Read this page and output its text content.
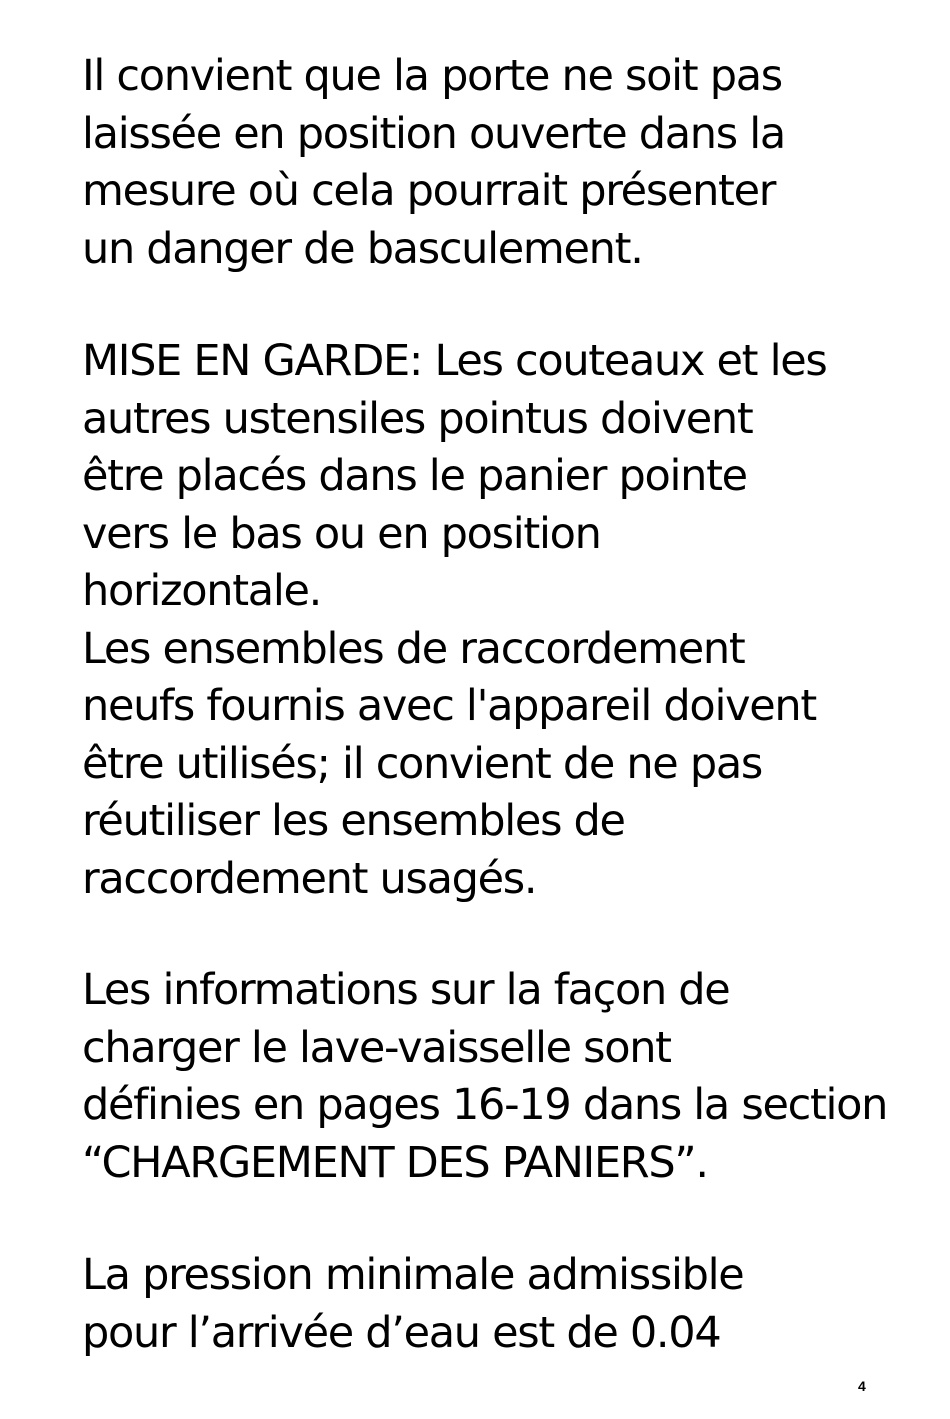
Il convient que la porte ne soit pas
laissée en position ouverte dans la
mesure où cela pourrait présenter
un danger de basculement.
MISE EN GARDE: Les couteaux et les
autres ustensiles pointus doivent
être placés dans le panier pointe
vers le bas ou en position
horizontale.
Les ensembles de raccordement
neufs fournis avec l'appareil doivent
être utilisés; il convient de ne pas
réutiliser les ensembles de
raccordement usagés.
Les informations sur la façon de
charger le lave-vaisselle sont
définies en pages 16-19 dans la section
“CHARGEMENT DES PANIERS”.
La pression minimale admissible
pour l’arrivée d’eau est de 0.04
4
